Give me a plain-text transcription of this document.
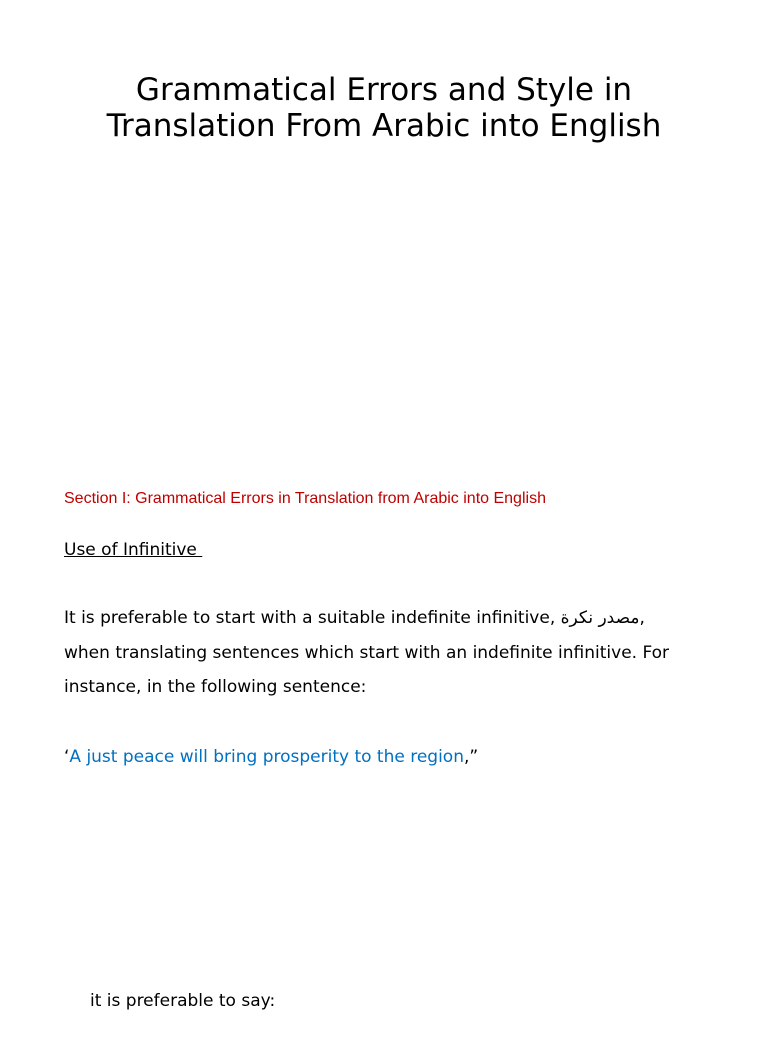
Grammatical Errors and Style in Translation From Arabic into English
Section I: Grammatical Errors in Translation from Arabic into English
Use of Infinitive

It is preferable to start with a suitable indefinite infinitive, مصدر نكرة, when translating sentences which start with an indefinite infinitive. For instance, in the following sentence:

‘A just peace will bring prosperity to the region,”
it is preferable to say:
